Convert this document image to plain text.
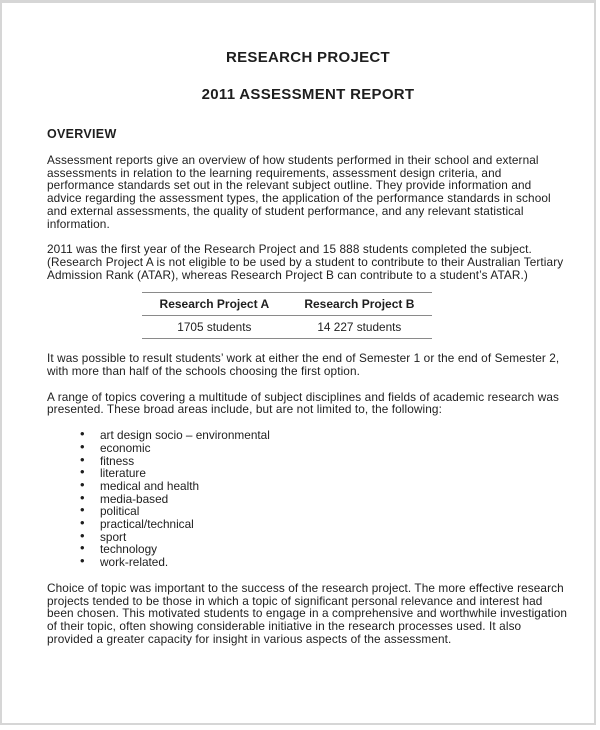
RESEARCH PROJECT
2011 ASSESSMENT REPORT
OVERVIEW

Assessment reports give an overview of how students performed in their school and external assessments in relation to the learning requirements, assessment design criteria, and performance standards set out in the relevant subject outline. They provide information and advice regarding the assessment types, the application of the performance standards in school and external assessments, the quality of student performance, and any relevant statistical information.

2011 was the first year of the Research Project and 15 888 students completed the subject. (Research Project A is not eligible to be used by a student to contribute to their Australian Tertiary Admission Rank (ATAR), whereas Research Project B can contribute to a student’s ATAR.)

Research Project A	Research Project B
1705 students	14 227 students

It was possible to result students’ work at either the end of Semester 1 or the end of Semester 2, with more than half of the schools choosing the first option.

A range of topics covering a multitude of subject disciplines and fields of academic research was presented. These broad areas include, but are not limited to, the following:

• art design socio – environmental
• economic
• fitness
• literature
• medical and health
• media-based
• political
• practical/technical
• sport
• technology
• work-related.

Choice of topic was important to the success of the research project. The more effective research projects tended to be those in which a topic of significant personal relevance and interest had been chosen. This motivated students to engage in a comprehensive and worthwhile investigation of their topic, often showing considerable initiative in the research processes used. It also provided a greater capacity for insight in various aspects of the assessment.
